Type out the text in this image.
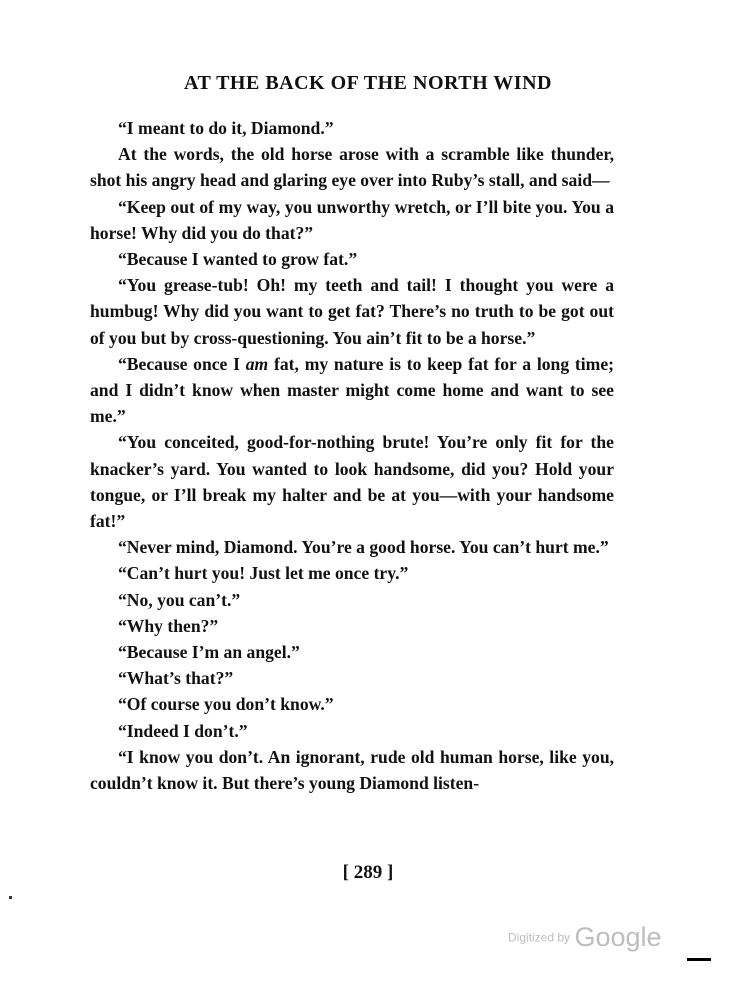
AT THE BACK OF THE NORTH WIND

“I meant to do it, Diamond.”

At the words, the old horse arose with a scramble like thunder, shot his angry head and glaring eye over into Ruby’s stall, and said—

“Keep out of my way, you unworthy wretch, or I’ll bite you. You a horse! Why did you do that?”

“Because I wanted to grow fat.”

“You grease-tub! Oh! my teeth and tail! I thought you were a humbug! Why did you want to get fat? There’s no truth to be got out of you but by cross-questioning. You ain’t fit to be a horse.”

“Because once I am fat, my nature is to keep fat for a long time; and I didn’t know when master might come home and want to see me.”

“You conceited, good-for-nothing brute! You’re only fit for the knacker’s yard. You wanted to look handsome, did you? Hold your tongue, or I’ll break my halter and be at you—with your handsome fat!”

“Never mind, Diamond. You’re a good horse. You can’t hurt me.”

“Can’t hurt you! Just let me once try.”

“No, you can’t.”

“Why then?”

“Because I’m an angel.”

“What’s that?”

“Of course you don’t know.”

“Indeed I don’t.”

“I know you don’t. An ignorant, rude old human horse, like you, couldn’t know it. But there’s young Diamond listen-

[ 289 ]
Digitized by Google
